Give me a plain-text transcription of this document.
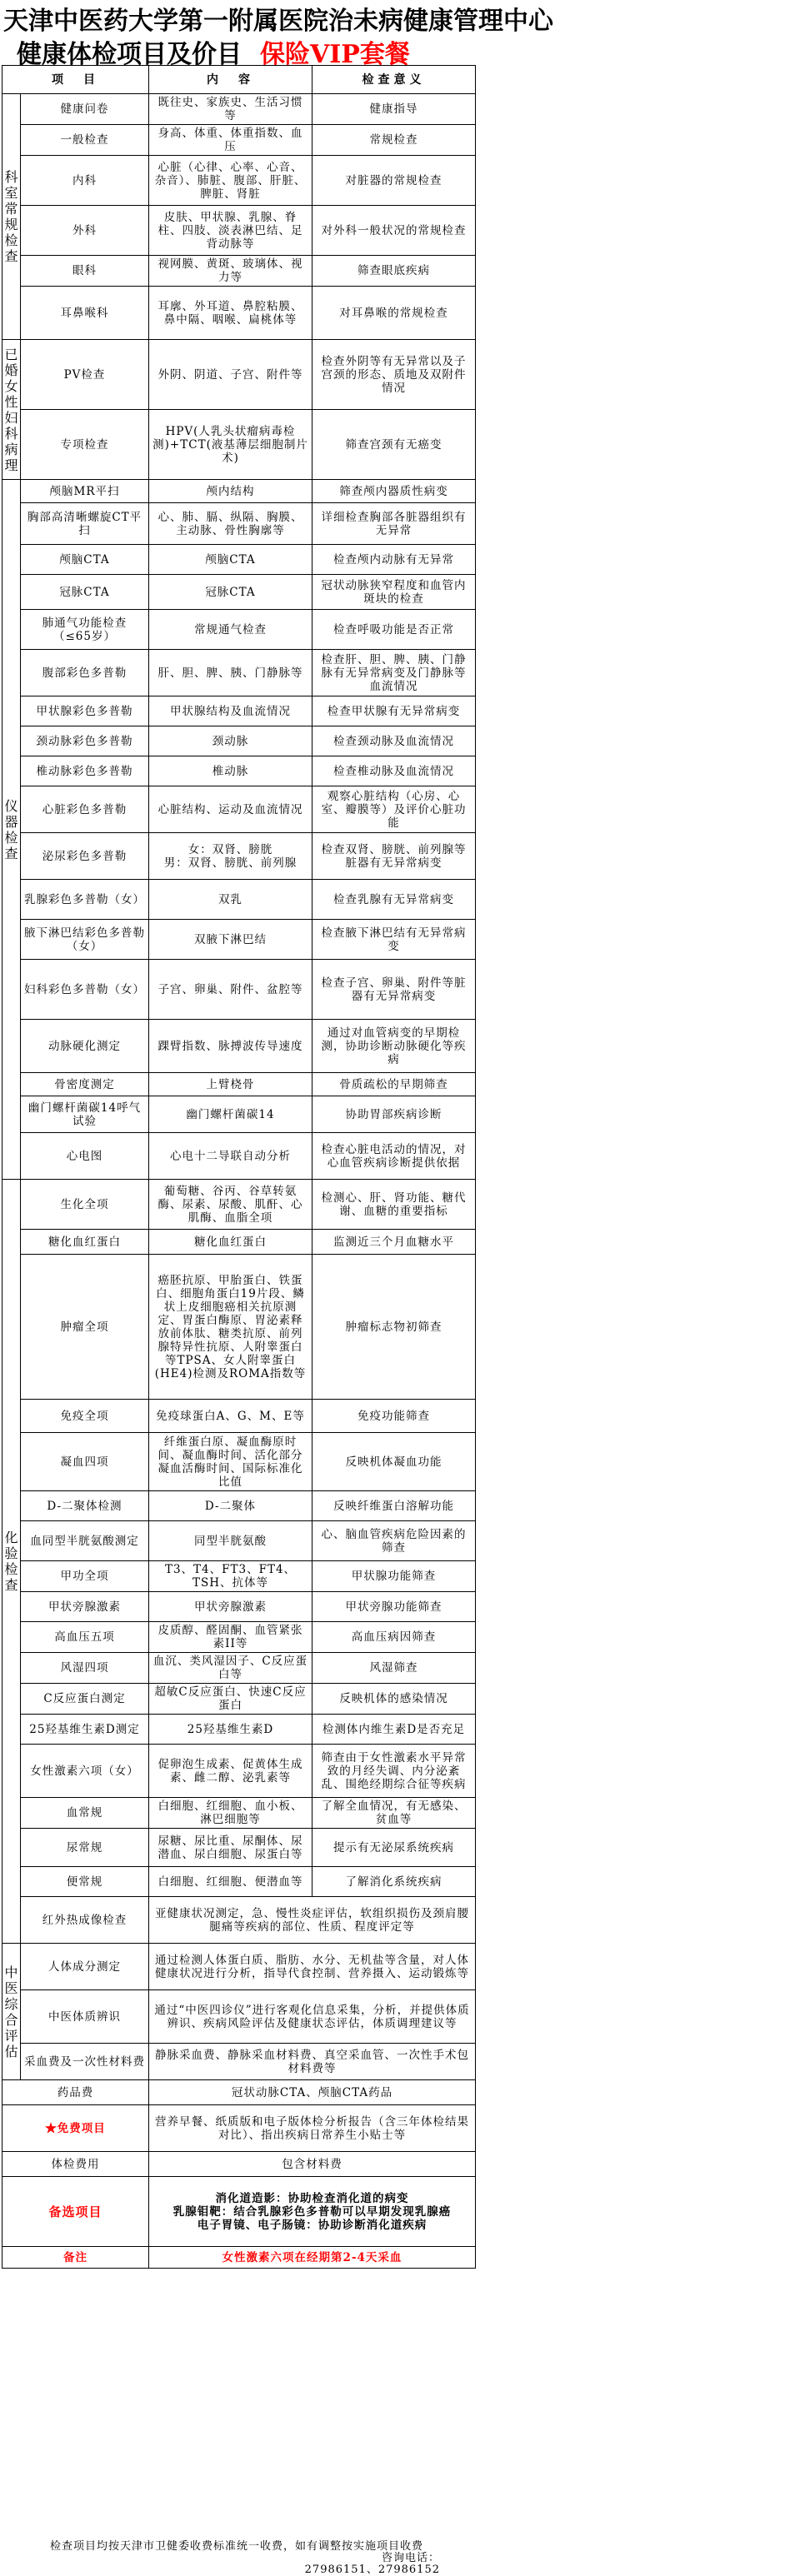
天津中医药大学第一附属医院治未病健康管理中心
健康体检项目及价目 保险VIP套餐
项　目		内　容	检查意义
科室常规检查	健康问卷	既往史、家族史、生活习惯等	健康指导
	一般检查	身高、体重、体重指数、血压	常规检查
	内科	心脏（心律、心率、心音、杂音）、肺脏、腹部、肝脏、脾脏、肾脏	对脏器的常规检查
	外科	皮肤、甲状腺、乳腺、脊柱、四肢、淡表淋巴结、足背动脉等	对外科一般状况的常规检查
	眼科	视网膜、黄斑、玻璃体、视力等	筛查眼底疾病
	耳鼻喉科	耳廓、外耳道、鼻腔粘膜、鼻中隔、咽喉、扁桃体等	对耳鼻喉的常规检查
已婚女性妇科病理	PV检查	外阴、阴道、子宫、附件等	检查外阴等有无异常以及子宫颈的形态、质地及双附件情况
	专项检查	HPV(人乳头状瘤病毒检测)+TCT(液基薄层细胞制片术)	筛查宫颈有无癌变
仪器检查	颅脑MR平扫	颅内结构	筛查颅内器质性病变
	胸部高清晰螺旋CT平扫	心、肺、膈、纵隔、胸膜、主动脉、骨性胸廓等	详细检查胸部各脏器组织有无异常
	颅脑CTA	颅脑CTA	检查颅内动脉有无异常
	冠脉CTA	冠脉CTA	冠状动脉狭窄程度和血管内斑块的检查
	肺通气功能检查（≤65岁）	常规通气检查	检查呼吸功能是否正常
	腹部彩色多普勒	肝、胆、脾、胰、门静脉等	检查肝、胆、脾、胰、门静脉有无异常病变及门静脉等血流情况
	甲状腺彩色多普勒	甲状腺结构及血流情况	检查甲状腺有无异常病变
	颈动脉彩色多普勒	颈动脉	检查颈动脉及血流情况
	椎动脉彩色多普勒	椎动脉	检查椎动脉及血流情况
	心脏彩色多普勒	心脏结构、运动及血流情况	观察心脏结构（心房、心室、瓣膜等）及评价心脏功能
	泌尿彩色多普勒	女：双肾、膀胱
男：双肾、膀胱、前列腺	检查双肾、膀胱、前列腺等脏器有无异常病变
	乳腺彩色多普勒（女）	双乳	检查乳腺有无异常病变
	腋下淋巴结彩色多普勒（女）	双腋下淋巴结	检查腋下淋巴结有无异常病变
	妇科彩色多普勒（女）	子宫、卵巢、附件、盆腔等	检查子宫、卵巢、附件等脏器有无异常病变
	动脉硬化测定	踝臂指数、脉搏波传导速度	通过对血管病变的早期检测，协助诊断动脉硬化等疾病
	骨密度测定	上臂桡骨	骨质疏松的早期筛查
	幽门螺杆菌碳14呼气试验	幽门螺杆菌碳14	协助胃部疾病诊断
	心电图	心电十二导联自动分析	检查心脏电活动的情况，对心血管疾病诊断提供依据
化验检查	生化全项	葡萄糖、谷丙、谷草转氨酶、尿素、尿酸、肌酐、心肌酶、血脂全项	检测心、肝、肾功能、糖代谢、血糖的重要指标
	糖化血红蛋白	糖化血红蛋白	监测近三个月血糖水平
	肿瘤全项	癌胚抗原、甲胎蛋白、铁蛋白、细胞角蛋白19片段、鳞状上皮细胞癌相关抗原测定、胃蛋白酶原、胃泌素释放前体肽、糖类抗原、前列腺特异性抗原、人附睾蛋白等TPSA、女人附睾蛋白(HE4)检测及ROMA指数等	肿瘤标志物初筛查
	免疫全项	免疫球蛋白A、G、M、E等	免疫功能筛查
	凝血四项	纤维蛋白原、凝血酶原时间、凝血酶时间、活化部分凝血活酶时间、国际标准化比值	反映机体凝血功能
	D-二聚体检测	D-二聚体	反映纤维蛋白溶解功能
	血同型半胱氨酸测定	同型半胱氨酸	心、脑血管疾病危险因素的筛查
	甲功全项	T3、T4、FT3、FT4、TSH、抗体等	甲状腺功能筛查
	甲状旁腺激素	甲状旁腺激素	甲状旁腺功能筛查
	高血压五项	皮质醇、醛固酮、血管紧张素II等	高血压病因筛查
	风湿四项	血沉、类风湿因子、C反应蛋白等	风湿筛查
	C反应蛋白测定	超敏C反应蛋白、快速C反应蛋白	反映机体的感染情况
	25羟基维生素D测定	25羟基维生素D	检测体内维生素D是否充足
	女性激素六项（女）	促卵泡生成素、促黄体生成素、雌二醇、泌乳素等	筛查由于女性激素水平异常致的月经失调、内分泌紊乱、围绝经期综合征等疾病
	血常规	白细胞、红细胞、血小板、淋巴细胞等	了解全血情况，有无感染、贫血等
	尿常规	尿糖、尿比重、尿酮体、尿潜血、尿白细胞、尿蛋白等	提示有无泌尿系统疾病
	便常规	白细胞、红细胞、便潜血等	了解消化系统疾病
	红外热成像检查	亚健康状况测定，急、慢性炎症评估，软组织损伤及颈肩腰腿痛等疾病的部位、性质、程度评定等	
中医综合评估	人体成分测定	通过检测人体蛋白质、脂肪、水分、无机盐等含量，对人体健康状况进行分析，指导代食控制、营养摄入、运动锻炼等	
	中医体质辨识	通过“中医四诊仪”进行客观化信息采集，分析，并提供体质辨识、疾病风险评估及健康状态评估，体质调理建议等	
	采血费及一次性材料费	静脉采血费、静脉采血材料费、真空采血管、一次性手术包材料费等	
药品费		冠状动脉CTA、颅脑CTA药品	
★免费项目		营养早餐、纸质版和电子版体检分析报告（含三年体检结果对比）、指出疾病日常养生小贴士等	
体检费用		包含材料费	
备选项目		消化道造影：协助检查消化道的病变
乳腺钼靶：结合乳腺彩色多普勒可以早期发现乳腺癌
电子胃镜、电子肠镜：协助诊断消化道疾病	

备注		女性激素六项在经期第2-4天采血	
检查项目均按天津市卫健委收费标准统一收费，如有调整按实施项目收费
咨询电话：
27986151、27986152
